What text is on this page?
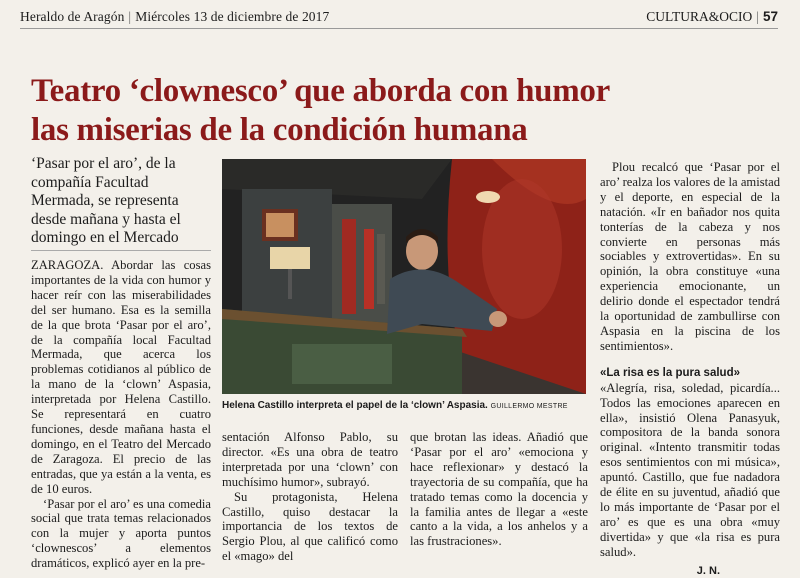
Heraldo de Aragón | Miércoles 13 de diciembre de 2017	CULTURA&OCIO | 57
Teatro ‘clownesco’ que aborda con humor
las miserias de la condición humana
‘Pasar por el aro’, de la compañía Facultad Mermada, se representa desde mañana y hasta el domingo en el Mercado

ZARAGOZA. Abordar las cosas importantes de la vida con humor y hacer reír con las miserabilidades del ser humano. Esa es la semilla de la que brota ‘Pasar por el aro’, de la compañía local Facultad Mermada, que acerca los problemas cotidianos al público de la mano de la ‘clown’ Aspasia, interpretada por Helena Castillo. Se representará en cuatro funciones, desde mañana hasta el domingo, en el Teatro del Mercado de Zaragoza. El precio de las entradas, que ya están a la venta, es de 10 euros.

‘Pasar por el aro’ es una comedia social que trata temas relacionados con la mujer y aporta puntos ‘clownescos’ a elementos dramáticos, explicó ayer en la pre-

Helena Castillo interpreta el papel de la ‘clown’ Aspasia. GUILLERMO MESTRE

sentación Alfonso Pablo, su director. «Es una obra de teatro interpretada por una ‘clown’ con muchísimo humor», subrayó.

Su protagonista, Helena Castillo, quiso destacar la importancia de los textos de Sergio Plou, al que calificó como el «mago» del

que brotan las ideas. Añadió que ‘Pasar por el aro’ «emociona y hace reflexionar» y destacó la trayectoria de su compañía, que ha tratado temas como la docencia y la familia antes de llegar a «este canto a la vida, a los anhelos y a las frustraciones».

Plou recalcó que ‘Pasar por el aro’ realza los valores de la amistad y el deporte, en especial de la natación. «Ir en bañador nos quita tonterías de la cabeza y nos convierte en personas más sociables y extrovertidas». En su opinión, la obra constituye «una experiencia emocionante, un delirio donde el espectador tendrá la oportunidad de zambullirse con Aspasia en la piscina de los sentimientos».

«La risa es la pura salud»

«Alegría, risa, soledad, picardía... Todos las emociones aparecen en ella», insistió Olena Panasyuk, compositora de la banda sonora original. «Intento transmitir todas esos sentimientos con mi música», apuntó. Castillo, que fue nadadora de élite en su juventud, añadió que lo más importante de ‘Pasar por el aro’ es que es una obra «muy divertida» y que «la risa es pura salud».

J. N.
